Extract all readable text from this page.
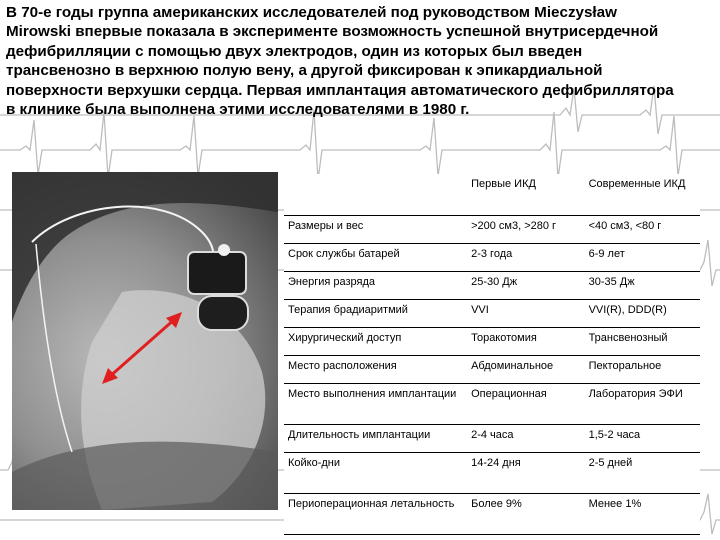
В 70-е годы группа американских исследователей под руководством Mieczysław
Mirowski впервые показала в эксперименте возможность успешной внутрисердечной
дефибрилляции с помощью двух электродов, один из которых был введен
трансвенозно в верхнюю полую вену, а другой фиксирован к эпикардиальной
поверхности верхушки сердца. Первая имплантация автоматического дефибриллятора
в клинике была выполнена этими исследователями в 1980 г.
	Первые ИКД	Современные ИКД
Размеры и вес	>200 см3, >280 г	<40 см3, <80 г
Срок службы батарей	2-3 года	6-9 лет
Энергия разряда	25-30 Дж	30-35 Дж
Терапия брадиаритмий	VVI	VVI(R), DDD(R)
Хирургический доступ	Торакотомия	Трансвенозный
Место расположения	Абдоминальное	Пекторальное
Место выполнения имплантации	Операционная	Лаборатория ЭФИ
Длительность имплантации	2-4 часа	1,5-2 часа
Койко-дни	14-24 дня	2-5 дней
Периоперационная летальность	Более 9%	Менее 1%
